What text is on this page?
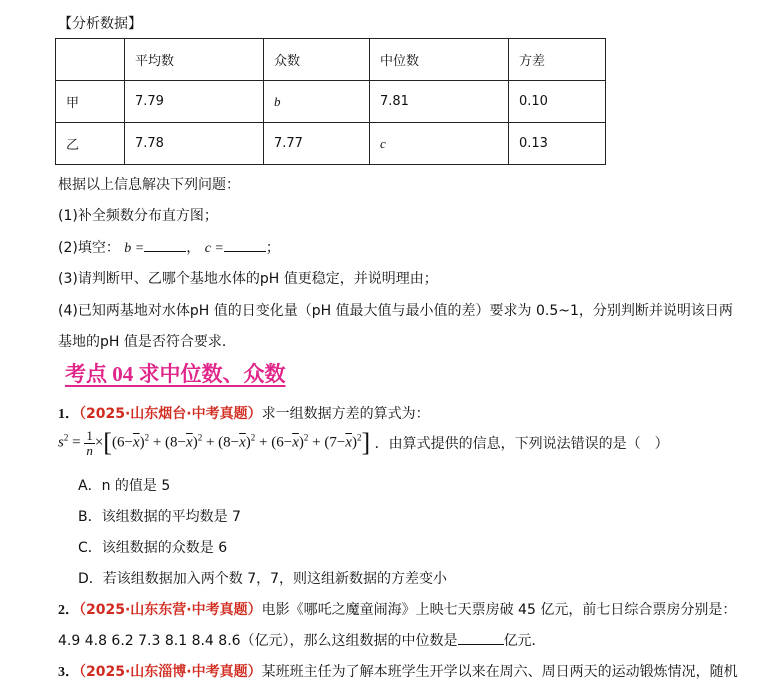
【分析数据】
	平均数	众数	中位数	方差
甲	7.79	b	7.81	0.10
乙	7.78	7.77	c	0.13
根据以上信息解决下列问题：
(1)补全频数分布直方图；
(2)填空： b =	， c =	；
(3)请判断甲、乙哪个基地水体的pH 值更稳定，并说明理由；
(4)已知两基地对水体pH 值的日变化量（pH 值最大值与最小值的差）要求为 0.5~1，分别判断并说明该日两
基地的pH 值是否符合要求．
考点 04 求中位数、众数
1．（2025·山东烟台·中考真题）求一组数据方差的算式为：
$s^2 = 1$
$n \times[(6-\overline{x})^2 + (8-\overline{x})^2 + (8-\overline{x})^2 + (6-\overline{x})^2 + (7-\overline{x})^2]$ ．由算式提供的信息，下列说法错误的是（　）
A．n 的值是 5
B．该组数据的平均数是 7
C．该组数据的众数是 6
D．若该组数据加入两个数 7，7，则这组新数据的方差变小
2．（2025·山东东营·中考真题）电影《哪吒之魔童闹海》上映七天票房破 45 亿元，前七日综合票房分别是：
4.9 4.8 6.2 7.3 8.1 8.4 8.6（亿元），那么这组数据的中位数是	亿元．
3．（2025·山东淄博·中考真题）某班班主任为了解本班学生开学以来在周六、周日两天的运动锻炼情况，随机
